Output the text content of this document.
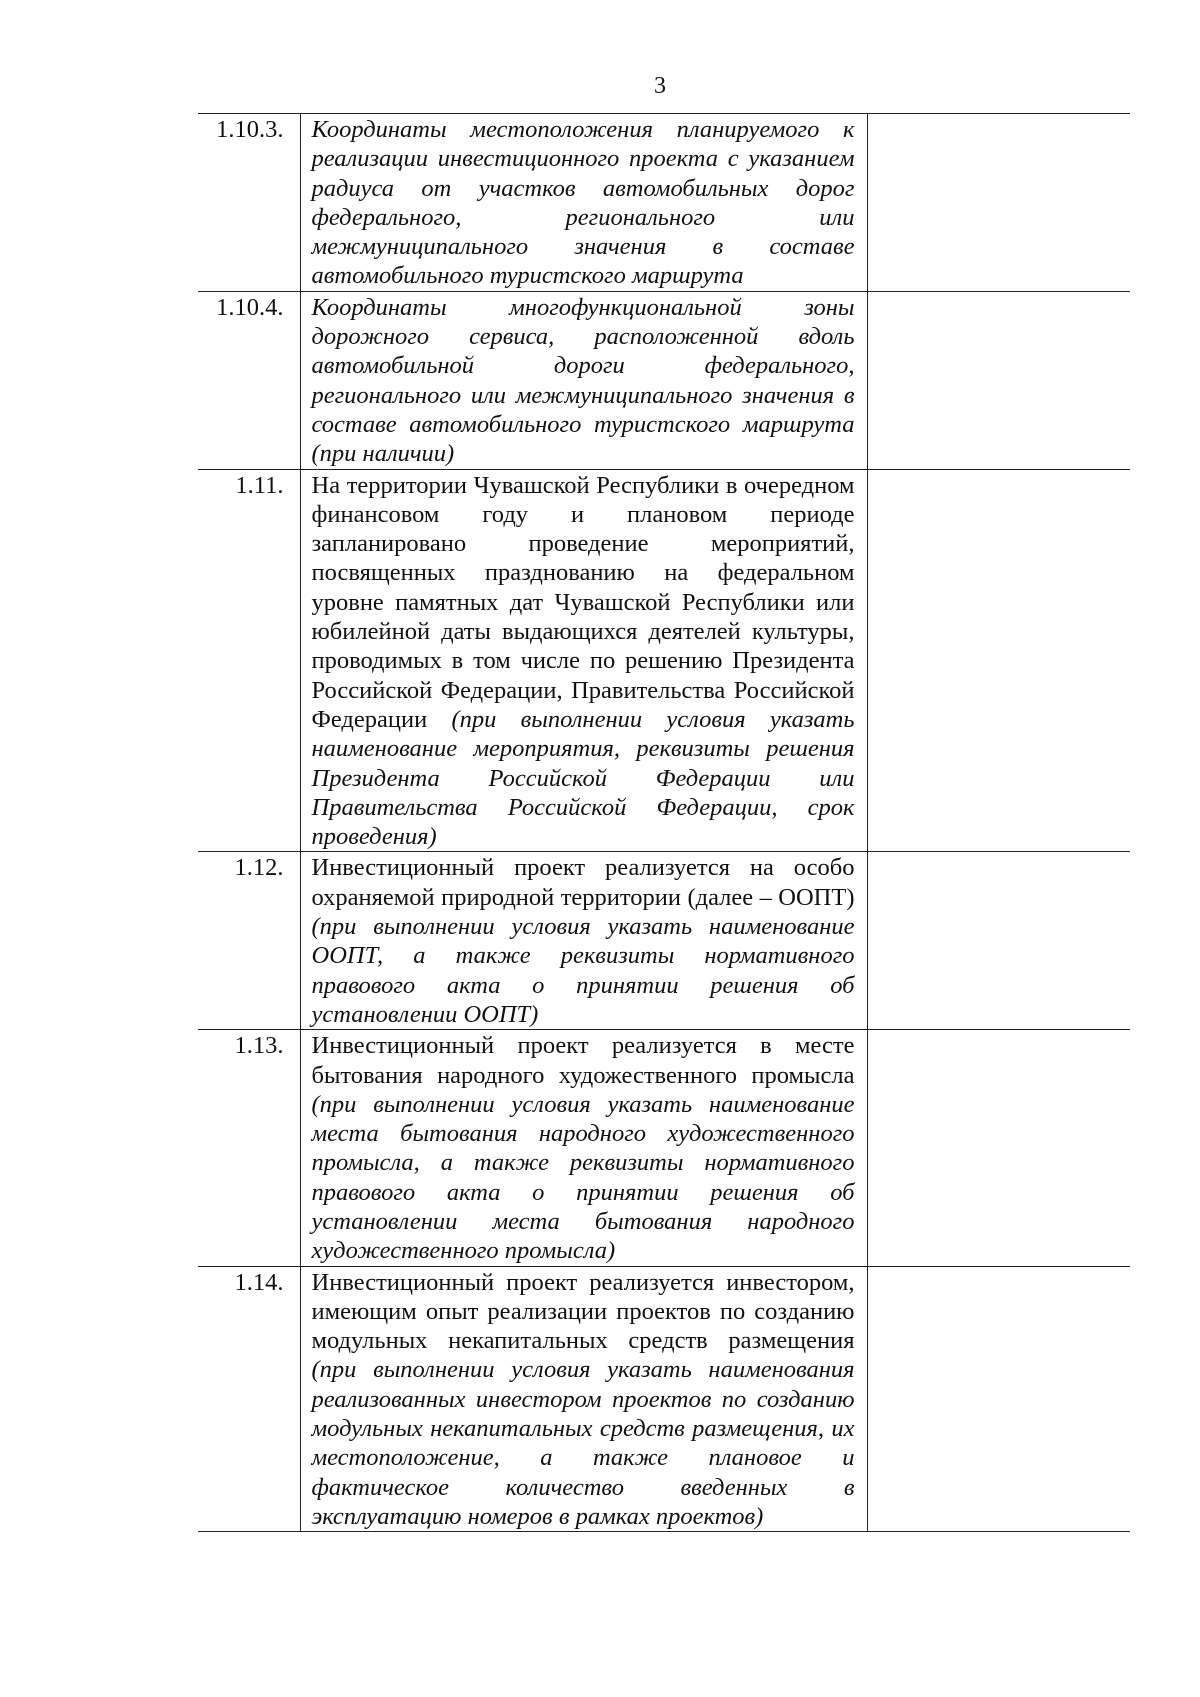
3
1.10.3.	Координаты местоположения планируемого к реализации инвестиционного проекта с указанием радиуса от участков автомобильных дорог федерального, регионального или межмуниципального значения в составе автомобильного туристского маршрута	
1.10.4.	Координаты многофункциональной зоны дорожного сервиса, расположенной вдоль автомобильной дороги федерального, регионального или межмуниципального значения в составе автомобильного туристского маршрута (при наличии)	
1.11.	На территории Чувашской Республики в очередном финансовом году и плановом периоде запланировано проведение мероприятий, посвященных празднованию на федеральном уровне памятных дат Чувашской Республики или юбилейной даты выдающихся деятелей культуры, проводимых в том числе по решению Президента Российской Федерации, Правительства Российской Федерации (при выполнении условия указать наименование мероприятия, реквизиты решения Президента Российской Федерации или Правительства Российской Федерации, срок проведения)	
1.12.	Инвестиционный проект реализуется на особо охраняемой природной территории (далее – ООПТ) (при выполнении условия указать наименование ООПТ, а также реквизиты нормативного правового акта о принятии решения об установлении ООПТ)	
1.13.	Инвестиционный проект реализуется в месте бытования народного художественного промысла (при выполнении условия указать наименование места бытования народного художественного промысла, а также реквизиты нормативного правового акта о принятии решения об установлении места бытования народного художественного промысла)	
1.14.	Инвестиционный проект реализуется инвестором, имеющим опыт реализации проектов по созданию модульных некапитальных средств размещения (при выполнении условия указать наименования реализованных инвестором проектов по созданию модульных некапитальных средств размещения, их местоположение, а также плановое и фактическое количество введенных в эксплуатацию номеров в рамках проектов)	
